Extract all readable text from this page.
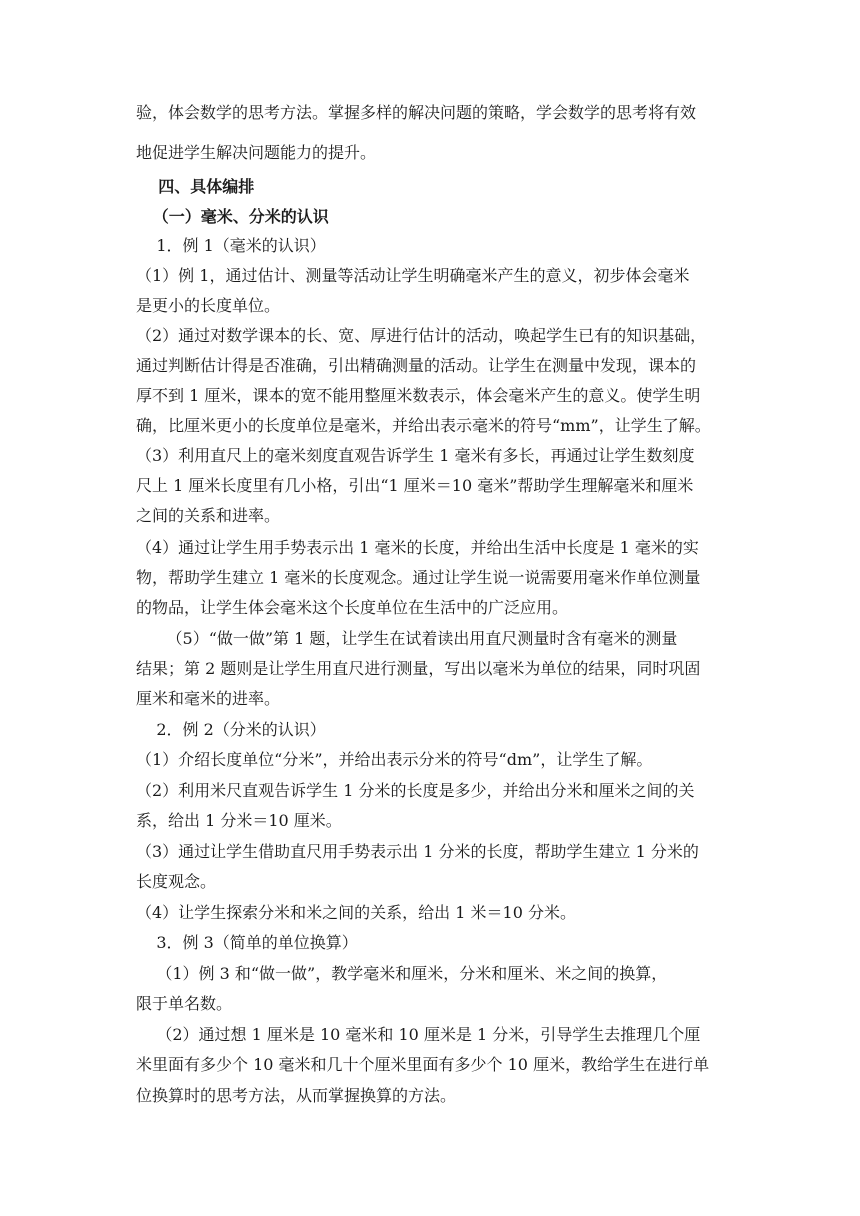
验，体会数学的思考方法。掌握多样的解决问题的策略，学会数学的思考将有效
地促进学生解决问题能力的提升。
四、具体编排
（一）毫米、分米的认识
1．例 1（毫米的认识）
（1）例 1，通过估计、测量等活动让学生明确毫米产生的意义，初步体会毫米
是更小的长度单位。
（2）通过对数学课本的长、宽、厚进行估计的活动，唤起学生已有的知识基础，
通过判断估计得是否准确，引出精确测量的活动。让学生在测量中发现，课本的
厚不到 1 厘米，课本的宽不能用整厘米数表示，体会毫米产生的意义。使学生明
确，比厘米更小的长度单位是毫米，并给出表示毫米的符号“mm”，让学生了解。
（3）利用直尺上的毫米刻度直观告诉学生 1 毫米有多长，再通过让学生数刻度
尺上 1 厘米长度里有几小格，引出“1 厘米＝10 毫米”帮助学生理解毫米和厘米
之间的关系和进率。
（4）通过让学生用手势表示出 1 毫米的长度，并给出生活中长度是 1 毫米的实
物，帮助学生建立 1 毫米的长度观念。通过让学生说一说需要用毫米作单位测量
的物品，让学生体会毫米这个长度单位在生活中的广泛应用。
（5）“做一做”第 1 题，让学生在试着读出用直尺测量时含有毫米的测量
结果；第 2 题则是让学生用直尺进行测量，写出以毫米为单位的结果，同时巩固
厘米和毫米的进率。
2．例 2（分米的认识）
（1）介绍长度单位“分米”，并给出表示分米的符号“dm”，让学生了解。
（2）利用米尺直观告诉学生 1 分米的长度是多少，并给出分米和厘米之间的关
系，给出 1 分米＝10 厘米。
（3）通过让学生借助直尺用手势表示出 1 分米的长度，帮助学生建立 1 分米的
长度观念。
（4）让学生探索分米和米之间的关系，给出 1 米＝10 分米。
3．例 3（简单的单位换算）
（1）例 3 和“做一做”，教学毫米和厘米，分米和厘米、米之间的换算，
限于单名数。
（2）通过想 1 厘米是 10 毫米和 10 厘米是 1 分米，引导学生去推理几个厘
米里面有多少个 10 毫米和几十个厘米里面有多少个 10 厘米，教给学生在进行单
位换算时的思考方法，从而掌握换算的方法。
